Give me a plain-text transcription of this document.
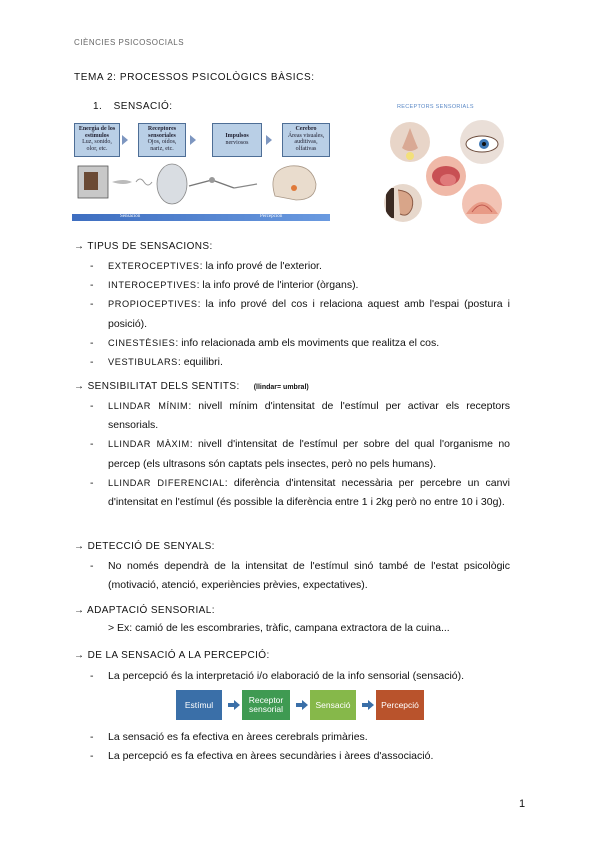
CIÈNCIES PSICOSOCIALS
TEMA 2: PROCESSOS PSICOLÒGICS BÀSICS:
1. SENSACIÓ:
Energia de los
estímulos
Luz, sonido,
olor, etc.
Receptores
sensoriales
Ojos, oídos,
nariz, etc.
Impulsos
nerviosos
Cerebro
Áreas visuales,
auditivas,
olfativas
Sensación	Percepción
RECEPTORS SENSORIALS
→ TIPUS DE SENSACIONS:
- EXTEROCEPTIVES: la info prové de l'exterior.
- INTEROCEPTIVES: la info prové de l'interior (òrgans).
- PROPIOCEPTIVES: la info prové del cos i relaciona aquest amb l'espai (postura i posició).
- CINESTÈSIES: info relacionada amb els moviments que realitza el cos.
- VESTIBULARS: equilibri.
→ SENSIBILITAT DELS SENTITS: (llindar= umbral)
- LLINDAR MÍNIM: nivell mínim d'intensitat de l'estímul per activar els receptors sensorials.
- LLINDAR MÀXIM: nivell d'intensitat de l'estímul per sobre del qual l'organisme no percep (els ultrasons són captats pels insectes, però no pels humans).
- LLINDAR DIFERENCIAL: diferència d'intensitat necessària per percebre un canvi d'intensitat en l'estímul (és possible la diferència entre 1 i 2kg però no entre 10 i 30g).
→ DETECCIÓ DE SENYALS:
- No només dependrà de la intensitat de l'estímul sinó també de l'estat psicològic (motivació, atenció, experiències prèvies, expectatives).
→ ADAPTACIÓ SENSORIAL:
> Ex: camió de les escombraries, tràfic, campana extractora de la cuina...
→ DE LA SENSACIÓ A LA PERCEPCIÓ:
- La percepció és la interpretació i/o elaboració de la info sensorial (sensació).
Estímul	Receptor sensorial	Sensació	Percepció
- La sensació es fa efectiva en àrees cerebrals primàries.
- La percepció es fa efectiva en àrees secundàries i àrees d'associació.
1
